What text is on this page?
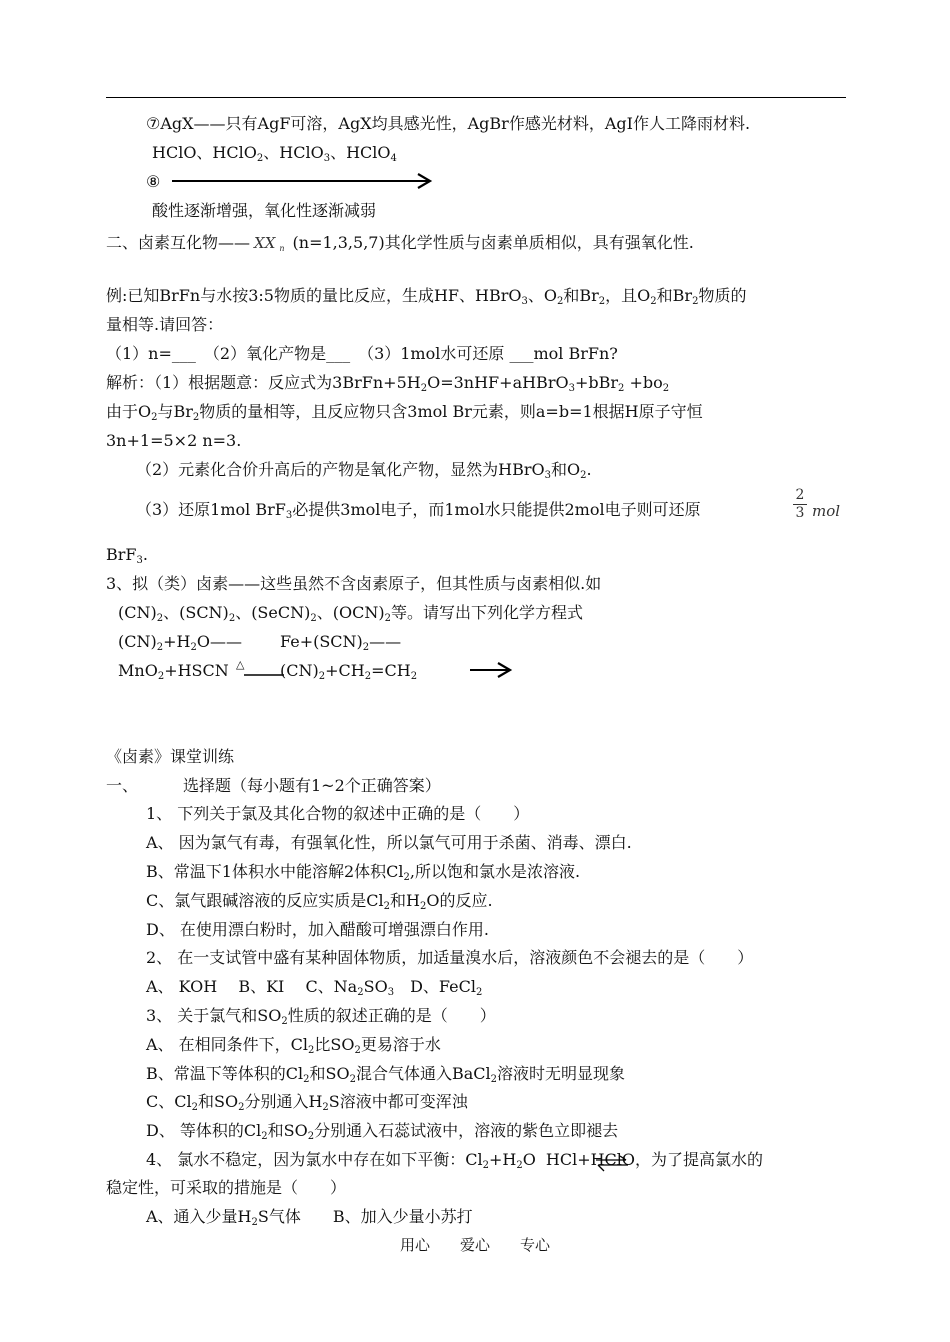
⑦AgX——只有AgF可溶，AgX均具感光性，AgBr作感光材料，AgI作人工降雨材料.
HClO、HClO$_2$、HClO$_3$、HClO$_4$
⑧
酸性逐渐增强，氧化性逐渐减弱
二、卤素互化物—— XX $_n$ (n=1,3,5,7)其化学性质与卤素单质相似，具有强氧化性.
例:已知BrFn与水按3:5物质的量比反应，生成HF、HBrO$_3$、$O_2$和$Br_2$，且$O_2$和$Br_2$物质的
量相等.请回答：
（1）n=___　（2）氧化产物是___　（3）1mol水可还原 ___mol BrFn?
解析：（1）根据题意：反应式为$3BrFn+5H_2O=3nHF+aHBrO_3+bBr_2 +bo_2$
由于$O_2$与$Br_2$物质的量相等，且反应物只含3mol Br元素，则a=b=1根据H原子守恒
3n+1=5×2 n=3.
（2）元素化合价升高后的产物是氧化产物，显然为HBrO$_3$和$O_2$.
（3）还原1mol BrF$_3$必提供3mol电子，而1mol水只能提供2mol电子则可还原	$\frac{2}{3}$ mol
BrF$_3$.
3、拟（类）卤素——这些虽然不含卤素原子，但其性质与卤素相似.如
$(CN)_2$、$(SCN)_2$、$(SeCN)_2$、$(OCN)_2$等。请写出下列化学方程式
$(CN)_2+H_2O——$ $Fe+(SCN)_2——$
MnO$_2$+HSCN △ $(CN)_2+CH_2=CH_2$
《卤素》课堂训练
一、	选择题（每小题有1~2个正确答案）
1、 下列关于氯及其化合物的叙述中正确的是（　　）
A、 因为氯气有毒，有强氧化性，所以氯气可用于杀菌、消毒、漂白.
B、常温下1体积水中能溶解2体积$Cl_2$,所以饱和氯水是浓溶液.
C、氯气跟碱溶液的反应实质是$Cl_2$和$H_2O$的反应.
D、 在使用漂白粉时，加入醋酸可增强漂白作用.
2、 在一支试管中盛有某种固体物质，加适量溴水后，溶液颜色不会褪去的是（　　）
A、 KOH　 B、KI　 C、$Na_2SO_3$　D、FeCl$_2$
3、 关于氯气和$SO_2$性质的叙述正确的是（　　）
A、 在相同条件下，$Cl_2$比$SO_2$更易溶于水
B、常温下等体积的$Cl_2$和$SO_2$混合气体通入BaCl$_2$溶液时无明显现象
C、$Cl_2$和$SO_2$分别通入$H_2S$溶液中都可变浑浊
D、 等体积的$Cl_2$和$SO_2$分别通入石蕊试液中，溶液的紫色立即褪去
4、 氯水不稳定，因为氯水中存在如下平衡：$Cl_2+H_2O$ HCl+HClO，为了提高氯水的
稳定性，可采取的措施是（　　）
A、通入少量$H_2S$气体　　B、加入少量小苏打
用心　　爱心　　专心
